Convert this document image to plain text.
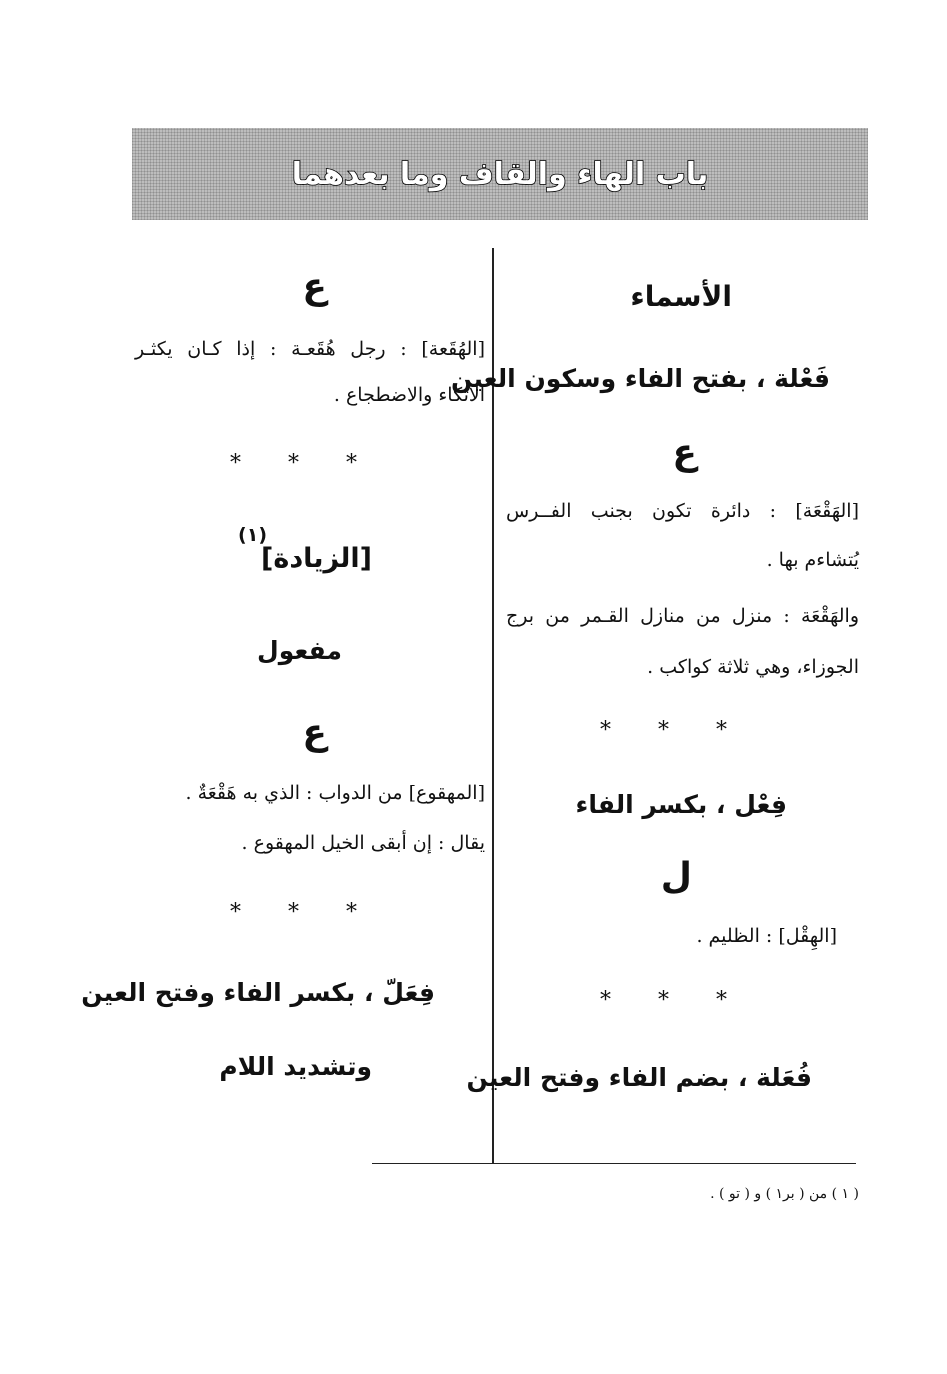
باب الهاء والقاف وما بعدهما
الأسماء
فَعْلة ، بفتح الفاء وسكون العين
ع
[الهَقْعَة] : دائرة تكون بجنب الفــرس
يُتشاءم بها .
والهَقْعَة : منزل من منازل القـمر من برج
الجوزاء، وهي ثلاثة كواكب .
* * *
فِعْل ، بكسر الفاء
ل
[الهِقْل] : الظليم .
* * *
فُعَلة ، بضم الفاء وفتح العين
ع
[الهُقَعة] : رجل هُقَعـة : إذا كـان يكثـر
الاتكاء والاضطجاع .
* * *
[الزيادة]
(١)
مفعول
ع
[المهقوع] من الدواب : الذي به هَقْعَةٌ .
يقال : إن أبقى الخيل المهقوع .
* * *
فِعَلّ ، بكسر الفاء وفتح العين
وتشديد اللام
( ١ ) من ( بر١ ) و ( تو ) .
